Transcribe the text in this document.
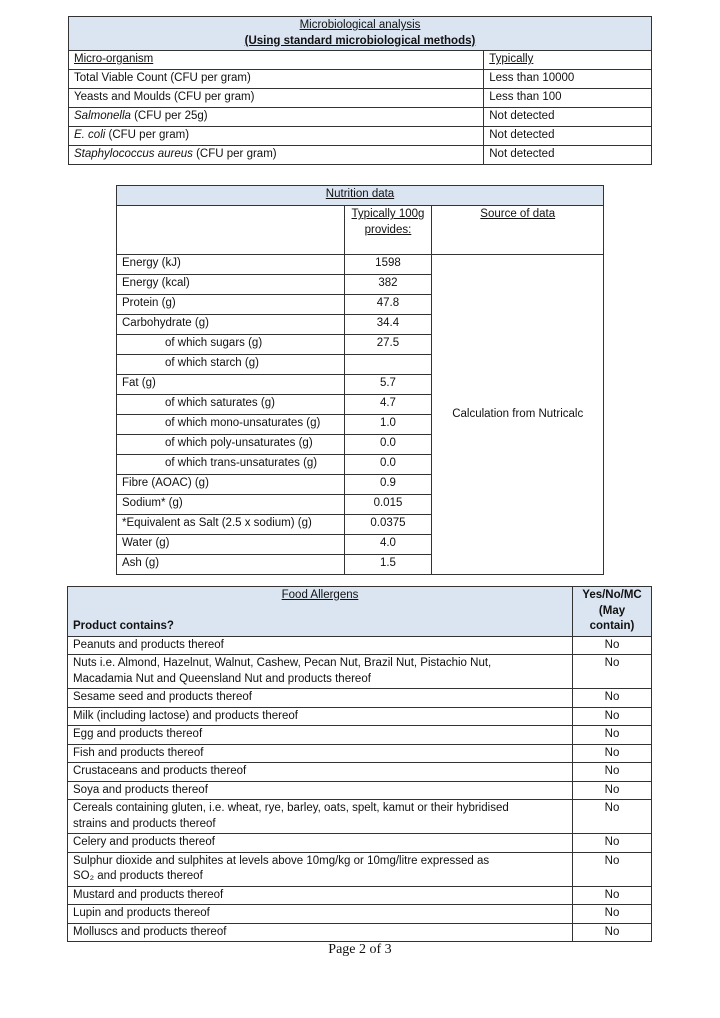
Microbiological analysis
(Using standard microbiological methods)	

Micro-organism	Typically
Total Viable Count (CFU per gram)	Less than 10000
Yeasts and Moulds (CFU per gram)	Less than 100
Salmonella (CFU per 25g)	Not detected
E. coli (CFU per gram)	Not detected
Staphylococcus aureus (CFU per gram)	Not detected
Nutrition data		
	Typically 100g provides:	Source of data
Energy (kJ)	1598	Calculation from Nutricalc
Energy (kcal)	382	
Protein (g)	47.8	
Carbohydrate (g)	34.4	
of which sugars (g)	27.5	
of which starch (g)		
Fat (g)	5.7	
of which saturates (g)	4.7	
of which mono-unsaturates (g)	1.0	
of which poly-unsaturates (g)	0.0	
of which trans-unsaturates (g)	0.0	
Fibre (AOAC) (g)	0.9	
Sodium* (g)	0.015	
*Equivalent as Salt (2.5 x sodium) (g)	0.0375	
Water (g)	4.0	
Ash (g)	1.5	
Food Allergens
Product contains?	Yes/No/MC (May contain)
Peanuts and products thereof	No
Nuts i.e. Almond, Hazelnut, Walnut, Cashew, Pecan Nut, Brazil Nut, Pistachio Nut, Macadamia Nut and Queensland Nut and products thereof	No
Sesame seed and products thereof	No
Milk (including lactose) and products thereof	No
Egg and products thereof	No
Fish and products thereof	No
Crustaceans and products thereof	No
Soya and products thereof	No
Cereals containing gluten, i.e. wheat, rye, barley, oats, spelt, kamut or their hybridised strains and products thereof	No
Celery and products thereof	No
Sulphur dioxide and sulphites at levels above 10mg/kg or 10mg/litre expressed as SO₂ and products thereof	No
Mustard and products thereof	No
Lupin and products thereof	No
Molluscs and products thereof	No
Page 2 of 3
